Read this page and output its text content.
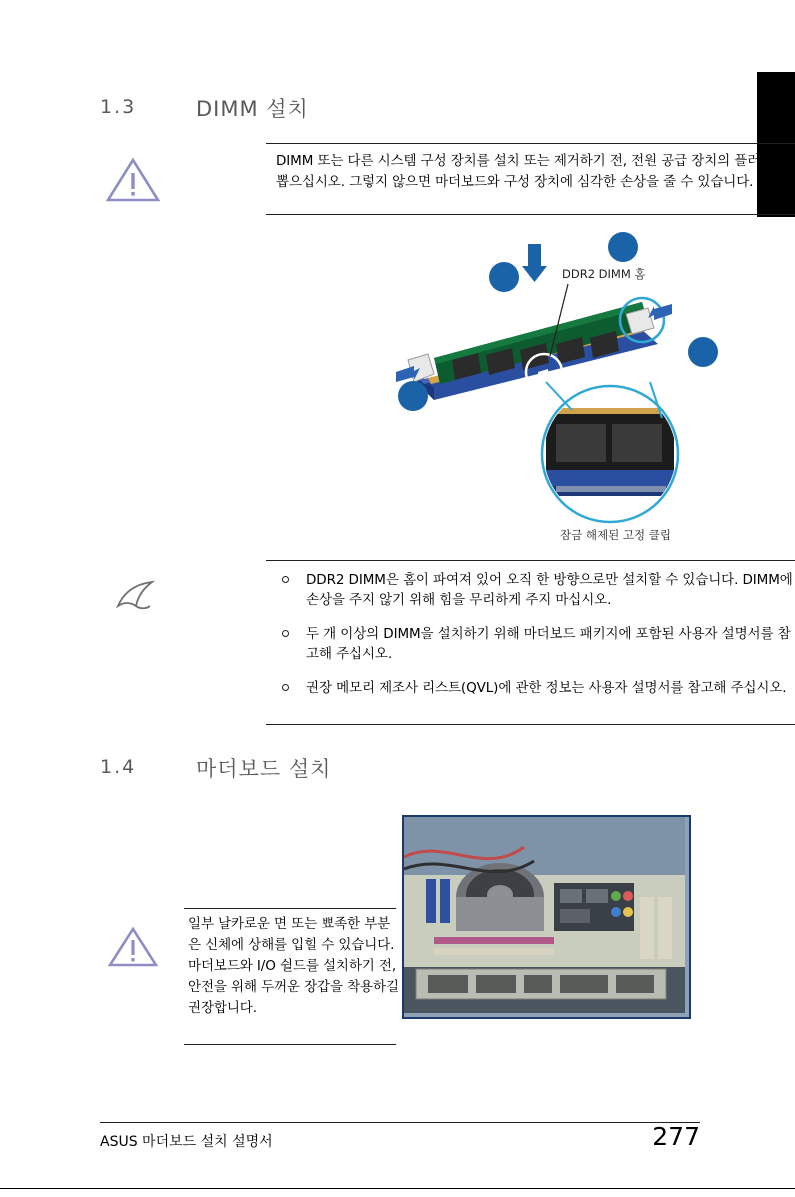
1.3	DIMM 설치
DIMM 또는 다른 시스템 구성 장치를 설치 또는 제거하기 전, 전원 공급 장치의 플러그를 뽑으십시오. 그렇지 않으면 마더보드와 구성 장치에 심각한 손상을 줄 수 있습니다.
DDR2 DIMM 홈
잠금 해제된 고정 클립
DDR2 DIMM은 홈이 파여져 있어 오직 한 방향으로만 설치할 수 있습니다. DIMM에 손상을 주지 않기 위해 힘을 무리하게 주지 마십시오.
두 개 이상의 DIMM을 설치하기 위해 마더보드 패키지에 포함된 사용자 설명서를 참고해 주십시오.
권장 메모리 제조사 리스트(QVL)에 관한 정보는 사용자 설명서를 참고해 주십시오.
1.4	마더보드 설치
일부 날카로운 면 또는 뾰족한 부분은 신체에 상해를 입힐 수 있습니다. 마더보드와 I/O 쉴드를 설치하기 전, 안전을 위해 두꺼운 장갑을 착용하길 권장합니다.
ASUS 마더보드 설치 설명서	277
